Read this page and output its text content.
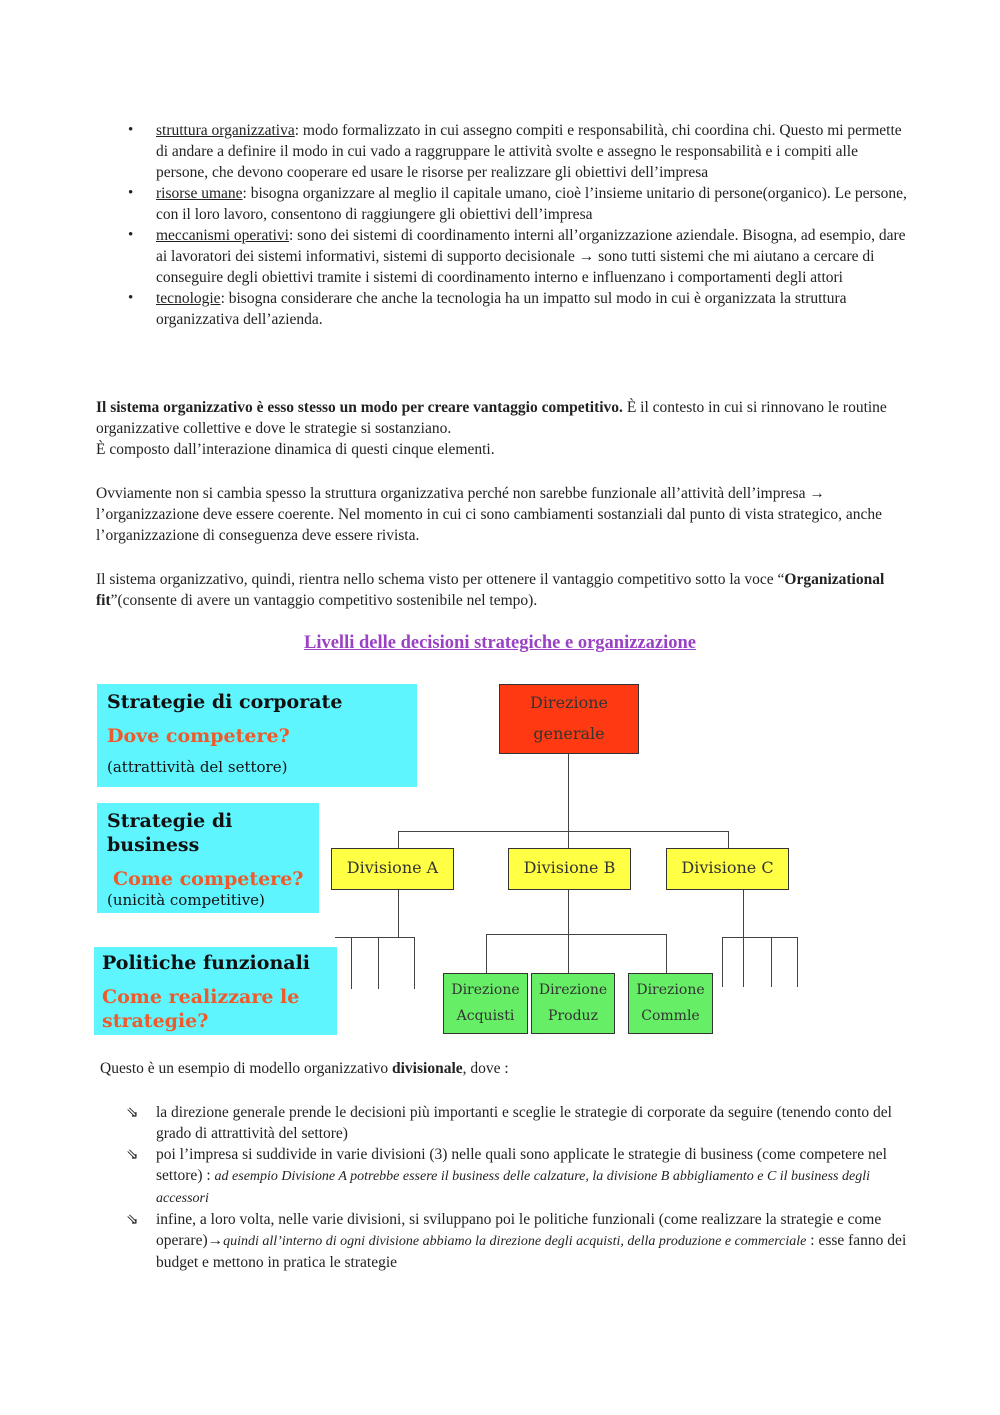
• struttura organizzativa: modo formalizzato in cui assegno compiti e responsabilità, chi coordina chi. Questo mi permette di andare a definire il modo in cui vado a raggruppare le attività svolte e assegno le responsabilità e i compiti alle persone, che devono cooperare ed usare le risorse per realizzare gli obiettivi dell’impresa
• risorse umane: bisogna organizzare al meglio il capitale umano, cioè l’insieme unitario di persone(organico). Le persone, con il loro lavoro, consentono di raggiungere gli obiettivi dell’impresa
• meccanismi operativi: sono dei sistemi di coordinamento interni all’organizzazione aziendale. Bisogna, ad esempio, dare ai lavoratori dei sistemi informativi, sistemi di supporto decisionale → sono tutti sistemi che mi aiutano a cercare di conseguire degli obiettivi tramite i sistemi di coordinamento interno e influenzano i comportamenti degli attori
• tecnologie: bisogna considerare che anche la tecnologia ha un impatto sul modo in cui è organizzata la struttura organizzativa dell’azienda.

Il sistema organizzativo è esso stesso un modo per creare vantaggio competitivo. È il contesto in cui si rinnovano le routine organizzative collettive e dove le strategie si sostanziano.
È composto dall’interazione dinamica di questi cinque elementi.

Ovviamente non si cambia spesso la struttura organizzativa perché non sarebbe funzionale all’attività dell’impresa → l’organizzazione deve essere coerente. Nel momento in cui ci sono cambiamenti sostanziali dal punto di vista strategico, anche l’organizzazione di conseguenza deve essere rivista.

Il sistema organizzativo, quindi, rientra nello schema visto per ottenere il vantaggio competitivo sotto la voce “Organizational fit”(consente di avere un vantaggio competitivo sostenibile nel tempo).

Livelli delle decisioni strategiche e organizzazione
Strategie di corporate
Dove competere?
(attrattività del settore)
Strategie di
business
Come competere?
(unicità competitive)
Politiche funzionali
Come realizzare le
strategie?
Direzione
generale
Divisione A	Divisione B	Divisione C
Direzione
Acquisti
Direzione
Produz
Direzione
Commle

Questo è un esempio di modello organizzativo divisionale, dove :

⇘ la direzione generale prende le decisioni più importanti e sceglie le strategie di corporate da seguire (tenendo conto del grado di attrattività del settore)
⇘ poi l’impresa si suddivide in varie divisioni (3) nelle quali sono applicate le strategie di business (come competere nel settore) : ad esempio Divisione A potrebbe essere il business delle calzature, la divisione B abbigliamento e C il business degli accessori
⇘ infine, a loro volta, nelle varie divisioni, si sviluppano poi le politiche funzionali (come realizzare la strategie e come operare)→quindi all’interno di ogni divisione abbiamo la direzione degli acquisti, della produzione e commerciale : esse fanno dei budget e mettono in pratica le strategie
